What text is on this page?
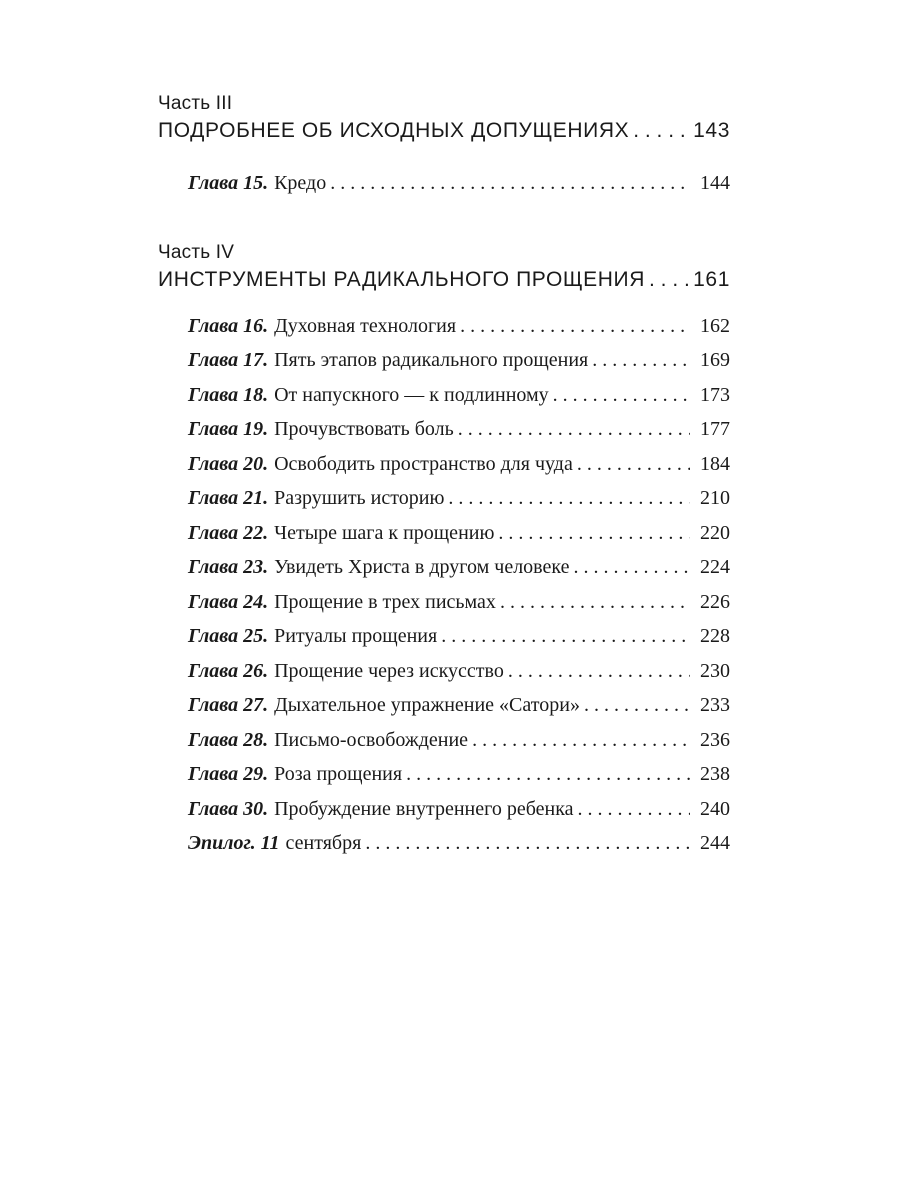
Часть III

ПОДРОБНЕЕ ОБ ИСХОДНЫХ ДОПУЩЕНИЯХ . . .	143
Глава 15. Кредо . . .	144

Часть IV

ИНСТРУМЕНТЫ РАДИКАЛЬНОГО ПРОЩЕНИЯ . . . 161
Глава 16. Духовная технология . . .	162
Глава 17. Пять этапов радикального прощения . . .	169
Глава 18. От напускного — к подлинному . . .	173
Глава 19. Прочувствовать боль . . .	177
Глава 20. Освободить пространство для чуда . . .	184
Глава 21. Разрушить историю . . .	210
Глава 22. Четыре шага к прощению . . .	220
Глава 23. Увидеть Христа в другом человеке . . .	224
Глава 24. Прощение в трех письмах . . .	226
Глава 25. Ритуалы прощения . . .	228
Глава 26. Прощение через искусство . . .	230
Глава 27. Дыхательное упражнение «Сатори» . . .	233
Глава 28. Письмо-освобождение . . .	236
Глава 29. Роза прощения . . .	238
Глава 30. Пробуждение внутреннего ребенка . . .	240
Эпилог. 11 сентября . . .	244
